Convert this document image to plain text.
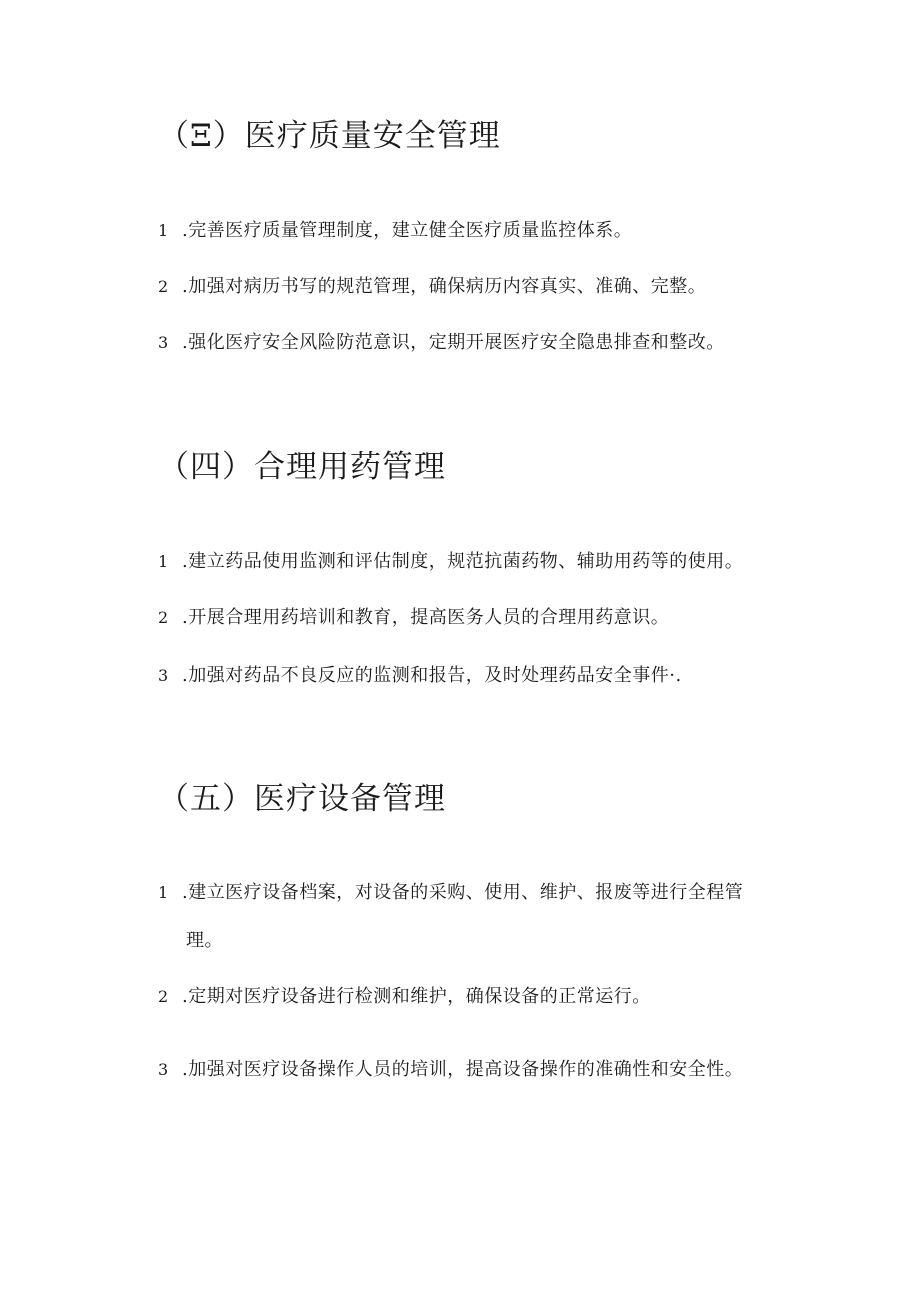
（Ξ）医疗质量安全管理
1 .完善医疗质量管理制度，建立健全医疗质量监控体系。
2 .加强对病历书写的规范管理，确保病历内容真实、准确、完整。
3 .强化医疗安全风险防范意识，定期开展医疗安全隐患排查和整改。
（四）合理用药管理
1 .建立药品使用监测和评估制度，规范抗菌药物、辅助用药等的使用。
2 .开展合理用药培训和教育，提高医务人员的合理用药意识。
3 .加强对药品不良反应的监测和报告，及时处理药品安全事件·.
（五）医疗设备管理
1 .建立医疗设备档案，对设备的采购、使用、维护、报废等进行全程管
理。
2 .定期对医疗设备进行检测和维护，确保设备的正常运行。
3 .加强对医疗设备操作人员的培训，提高设备操作的准确性和安全性。
